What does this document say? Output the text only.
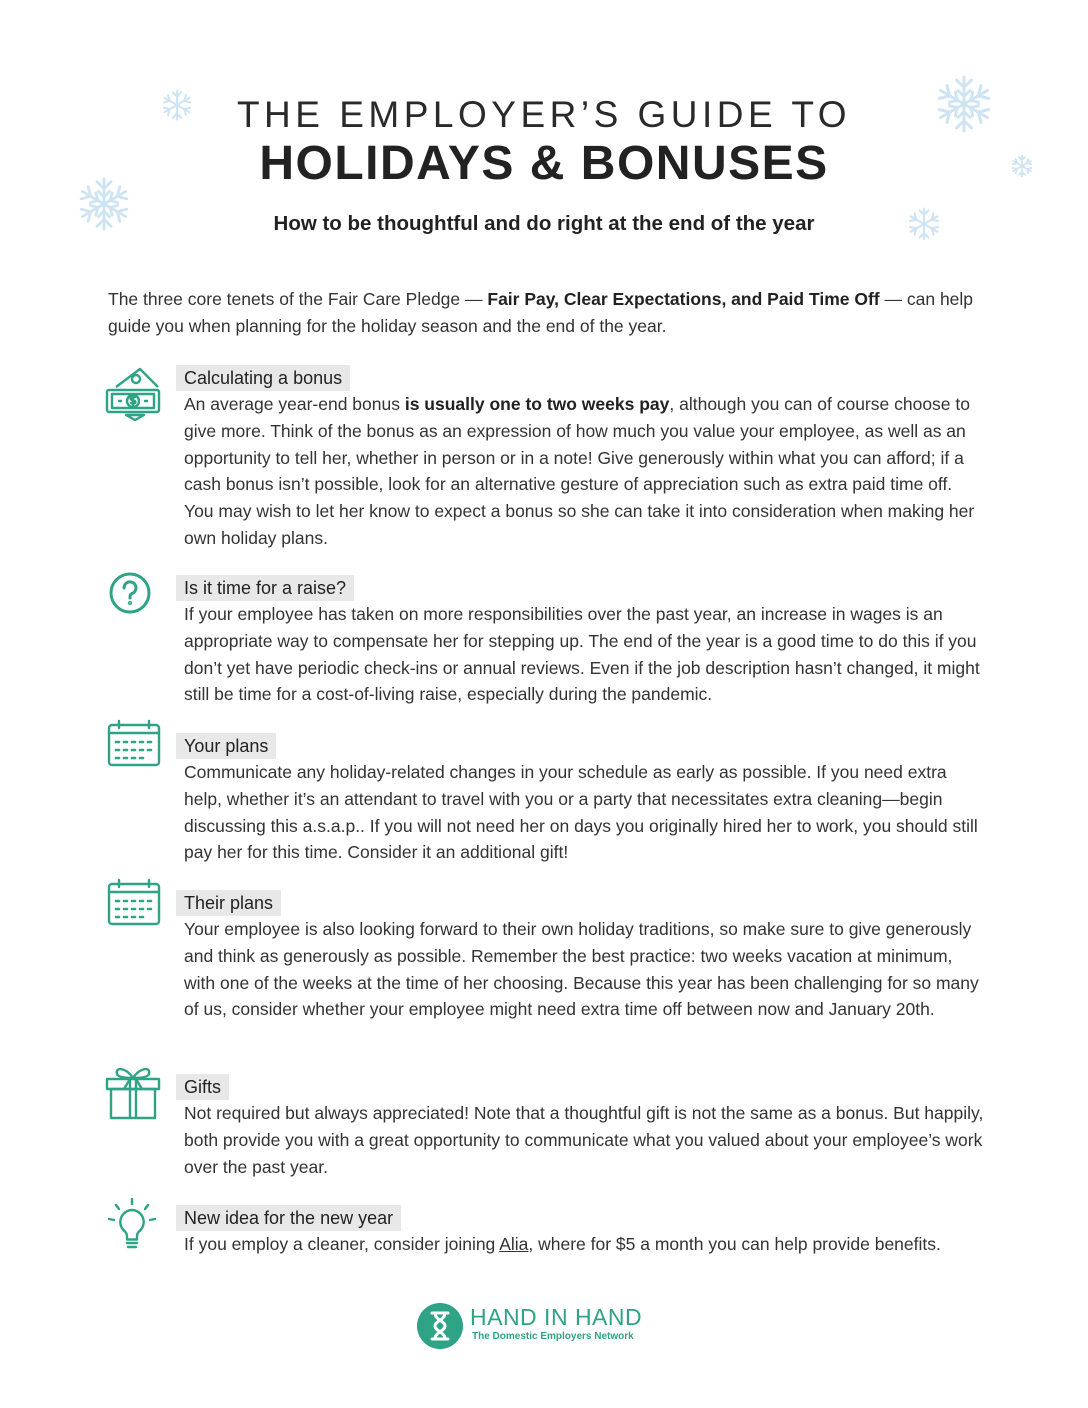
THE EMPLOYER’S GUIDE TO
HOLIDAYS & BONUSES
How to be thoughtful and do right at the end of the year
The three core tenets of the Fair Care Pledge — Fair Pay, Clear Expectations, and Paid Time Off — can help guide you when planning for the holiday season and the end of the year.
Calculating a bonus
An average year-end bonus is usually one to two weeks pay, although you can of course choose to give more. Think of the bonus as an expression of how much you value your employee, as well as an opportunity to tell her, whether in person or in a note! Give generously within what you can afford; if a cash bonus isn’t possible, look for an alternative gesture of appreciation such as extra paid time off. You may wish to let her know to expect a bonus so she can take it into consideration when making her own holiday plans.
Is it time for a raise?
If your employee has taken on more responsibilities over the past year, an increase in wages is an appropriate way to compensate her for stepping up. The end of the year is a good time to do this if you don’t yet have periodic check-ins or annual reviews. Even if the job description hasn’t changed, it might still be time for a cost-of-living raise, especially during the pandemic.
Your plans
Communicate any holiday-related changes in your schedule as early as possible. If you need extra help, whether it’s an attendant to travel with you or a party that necessitates extra cleaning—begin discussing this a.s.a.p.. If you will not need her on days you originally hired her to work, you should still pay her for this time. Consider it an additional gift!
Their plans
Your employee is also looking forward to their own holiday traditions, so make sure to give generously and think as generously as possible. Remember the best practice: two weeks vacation at minimum, with one of the weeks at the time of her choosing. Because this year has been challenging for so many of us, consider whether your employee might need extra time off between now and January 20th.
Gifts
Not required but always appreciated! Note that a thoughtful gift is not the same as a bonus. But happily, both provide you with a great opportunity to communicate what you valued about your employee’s work over the past year.
New idea for the new year
If you employ a cleaner, consider joining Alia, where for $5 a month you can help provide benefits.
HAND IN HAND
The Domestic Employers Network
